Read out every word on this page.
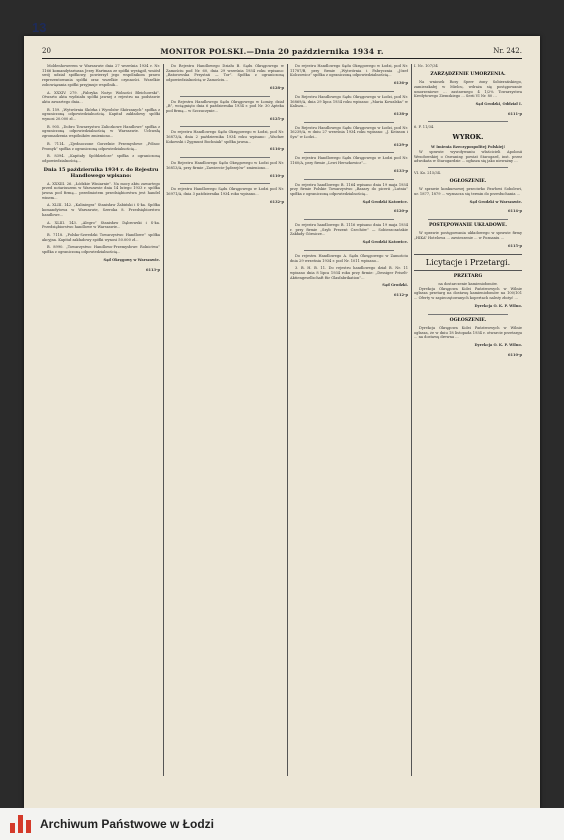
13
20	MONITOR POLSKI.—Dnia 20 października 1934 r.	Nr. 242.

Moldenhowerem w Warszawie dnia 27 września 1934 r. Nr. 1166 komandytariusza Jerzy Hartman ze spółki wystąpił, wniósł swój udział spółkowy, powierzył jego wspólnikom prawo reprezentowania spółki oraz wszelkie czynności. Wszelkie zobowiązania spółki przyjmuje wspólnik...

A. XXXIV. 279. „Fabryka Nożyc Wolności Bleichowski”. Otwarto akta wydziału spółki jawnej z rejestru na podstawie aktu zawartego dnia...

B. 159. „Wytwórnia Skórka i Wyrobów Skórzanych” spółka z ograniczoną odpowiedzialnością. Kapitał zakładowy spółki wynosi 20.000 zł...

B. 905. „Dobro Towarzystwo Zaliczkowe Handlowe” spółka z ograniczoną odpowiedzialnością w Warszawie. Uchwałą zgromadzenia wspólników zmieniono...

B. 7114. „Zjednoczone Gorzelnie Przemysłowe „Pólnoc Promyk” spółka z ograniczoną odpowiedzialnością...

B. 8394. „Kapitały Spółdzielcze” spółka z ograniczoną odpowiedzialnością...

Dnia 15 października 1934 r. do Rejestru Handlowego wpisano:

A. XXXIII. 26. „Łódzkie Winiarnie”. Na mocy aktu zawartego przed notariuszem w Warszawie dnia 14 lutego 1933 r. spółka jawna pod firmą... przedmiotem przedsiębiorstwa jest handel winem...

A. XLIII. 142. „Kaliniegra” Stanisław Żabiński i S-ka. Spółka komandytowa w Warszawie, Szeroka 8. Przedsiębiorstwo handlowe...

A. XLIII. 143. „Alegro” Stanisław Dąbrowski i S-ka. Przedsiębiorstwo handlowe w Warszawie...

B. 7118. „Polsko-Szwedzki Towarzystwo Handlowe” spółka akcyjna. Kapitał zakładowy spółki wynosi 50.000 zł...

B. 8990. „Towarzystwo Handlowo-Przemysłowe Rolnictwa” spółka z ograniczoną odpowiedzialnością...

Sąd Okręgowy w Warszawie.
6113-p

Do Rejestru Handlowego Działu B. Sądu Okręgowego w Zamościu pod Nr. 60, dnia 29 września 1934 roku wpisano: „Batorowska Przystań — Tor”. Spółka z ograniczoną odpowiedzialnością w Zamościu...

6128-p

Do Rejestru Handlowego Sądu Okręgowego w Łomży, dział „B”, wciągnięto dnia 6 października 1934 r. pod Nr. 30 Apteka pod firmą... w Szczuczynie...

6125-p

Do rejestru Handlowego Sądu Okręgowego w Łodzi, pod Nr. 16873/A, dnia 2 października 1934 roku wpisano: „Wacław Kokowski i Zygmunt Bochniak” spółka jawna...

6116-p

Do Rejestru Handlowego Sądu Okręgowego w Łodzi pod Nr. 16813/A, przy firmie „Zawiercie-Jędrzejów” zmieniono...

6110-p

Do rejestru Handlowego Sądu Okręgowego w Łodzi pod Nr. 16971/A, dnia 3 października 1934 roku wpisano...

6132-p

Do rejestru Handlowego Sądu Okręgowego w Łodzi, pod Nr. 11787/B, przy firmie „Wytwórnia i Fabrycznia „Józef Kolczowicz” spółka z ograniczoną odpowiedzialnością...

6136-p

Do Rejestru Handlowego Sądu Okręgowego w Łodzi, pod Nr. 16869/A, dnia 29 lipca 1934 roku wpisano: „Maria Kowalska” w Kaliszu...

6138-p

Do Rejestru Handlowego Sądu Okręgowego w Łodzi, pod Nr. 16239/A, w dniu 27 września 1934 roku wpisano: „J. Keinson i Syn” w Łodzi...

6129-p

Do rejestru Handlowego Sądu Okręgowego w Łodzi pod Nr. 1160/A, przy firmie „Lewi Herszkowicz”...

6133-p

Do rejestru handlowego B. 1164 wpisano dnia 19 maja 1934 przy firmie Polskie Towarzystwo „Bazary do picerii „Lutnia” spółka z ograniczoną odpowiedzialnością...

Sąd Grodzki Katowice.
6120-p

Do rejestru handlowego B. 1116 wpisano dnia 19 maja 1934 r. przy firmie „Szyb Prezent Czechów” — Sobieszczańskie Zakłady Górnicze...

Sąd Grodzki Katowice.

Do rejestru Handlowego A. Sądu Okręgowego w Zamościu dnia 29 września 1934 r. pod Nr. 1011 wpisano...

3. B. H. B. 11. Do rejestru handlowego dział B. Nr. 11 wpisano dnia 8 lipca 1934 roku przy firmie: „Dessiger Priselt-Aktiengesellschaft für Glasfabrikation”...

Sąd Grodzki.
6112-p
I. Nc. 107/34
ZARZĄDZENIE UMORZENIA.

Na wniosek Rosy Sperr żony Sobierańskiego, zamieszkałej w Mielcu, wdraża się postępowanie umorzeniowe ... zastawnego 4 1/2% Towarzystwa Kredytowego Ziemskiego ... Serii VI Nr. 80 ...

Sąd Grodzki, Oddział I.
6111-p
6. F. 11/34.
WYROK.
W Imienia Rzeczypospolitej Polskiej!

W sprawie wywoływaniu właścicieli Apolonii Wesołowskiej o Oswaniny, powiat Starogard, inst. przez adwokata w Starogardzie ... ogłasza się jako nieważny ...

VI. Ko. 215/34.
OGŁOSZENIE.

W sprawie konkursowej przeciwko Pawłowi Sobolewi, ur. 1877, 1879 ... wyznacza się termin do przesłuchania ...

Sąd Grodzki w Warszawie.
6114-p
POSTĘPOWANIE UKŁADOWE.

W sprawie postępowania układowego w sprawie firmy „HIKA” Hotelowa ... zawieszenie ... w Poznaniu ...

6115-p
Licytacje i Przetargi.
PRZETARG
na dostarczenie kamieniołomów.

Dyrekcja Okręgowa Kolei Państwowych w Wilnie ogłasza przetarg na dostawę kamieniołomów na 100/101 ... Oferty w zapieczętowanych kopertach należy złożyć ...

Dyrekcja O. K. P. Wilno.
OGŁOSZENIE.

Dyrekcja Okręgowa Kolei Państwowych w Wilnie ogłasza, że w dniu 18 listopada 1934 r. otwarcie przetargu ... na dostawę drewna ...

Dyrekcja O. K. P. Wilno.
6110-p
Archiwum Państwowe w Łodzi
